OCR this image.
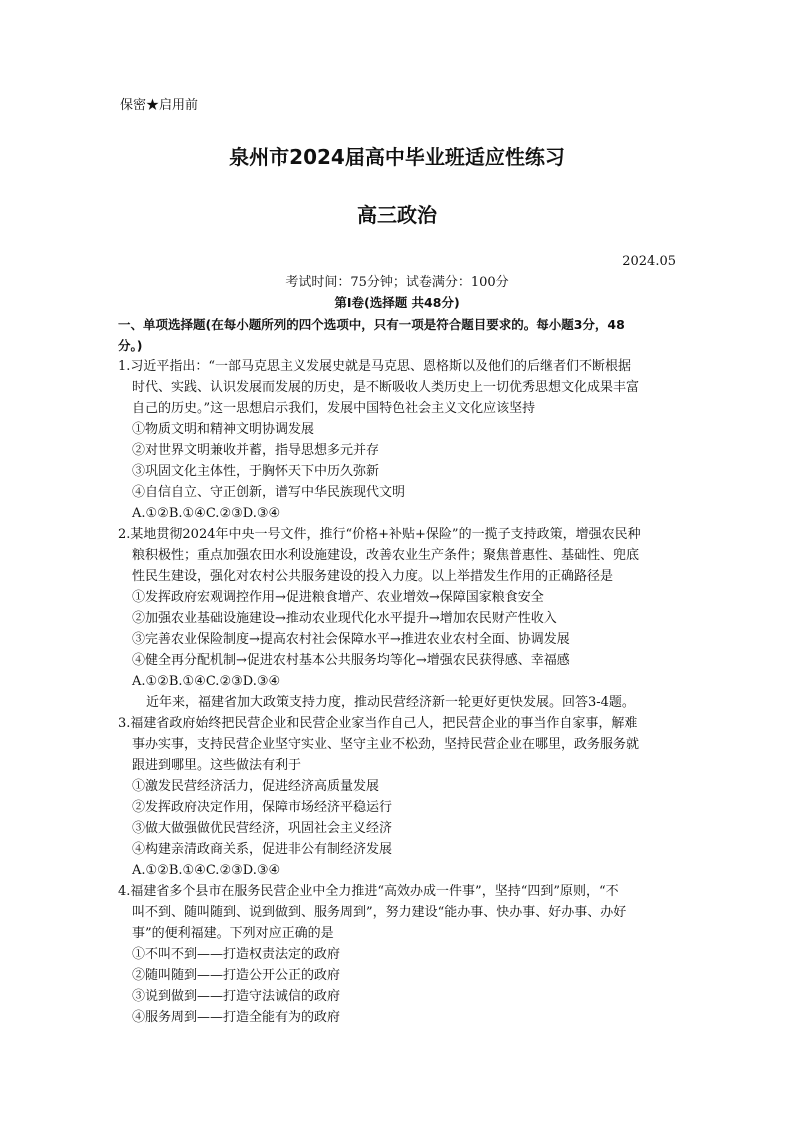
保密★启用前
泉州市2024届高中毕业班适应性练习
高三政治
2024.05
考试时间：75分钟；试卷满分：100分
第I卷(选择题 共48分)
一、单项选择题(在每小题所列的四个选项中，只有一项是符合题目要求的。每小题3分，48
分。)
1.习近平指出：“一部马克思主义发展史就是马克思、恩格斯以及他们的后继者们不断根据
时代、实践、认识发展而发展的历史，是不断吸收人类历史上一切优秀思想文化成果丰富
自己的历史。”这一思想启示我们，发展中国特色社会主义文化应该坚持
①物质文明和精神文明协调发展
②对世界文明兼收并蓄，指导思想多元并存
③巩固文化主体性，于胸怀天下中历久弥新
④自信自立、守正创新，谱写中华民族现代文明
A.①②B.①④C.②③D.③④
2.某地贯彻2024年中央一号文件，推行“价格+补贴+保险”的一揽子支持政策，增强农民种
粮积极性；重点加强农田水利设施建设，改善农业生产条件；聚焦普惠性、基础性、兜底
性民生建设，强化对农村公共服务建设的投入力度。以上举措发生作用的正确路径是
①发挥政府宏观调控作用→促进粮食增产、农业增效→保障国家粮食安全
②加强农业基础设施建设→推动农业现代化水平提升→增加农民财产性收入
③完善农业保险制度→提高农村社会保障水平→推进农业农村全面、协调发展
④健全再分配机制→促进农村基本公共服务均等化→增强农民获得感、幸福感
A.①②B.①④C.②③D.③④
近年来，福建省加大政策支持力度，推动民营经济新一轮更好更快发展。回答3-4题。
3.福建省政府始终把民营企业和民营企业家当作自己人，把民营企业的事当作自家事，解难
事办实事，支持民营企业坚守实业、坚守主业不松劲，坚持民营企业在哪里，政务服务就
跟进到哪里。这些做法有利于
①激发民营经济活力，促进经济高质量发展
②发挥政府决定作用，保障市场经济平稳运行
③做大做强做优民营经济，巩固社会主义经济
④构建亲清政商关系，促进非公有制经济发展
A.①②B.①④C.②③D.③④
4.福建省多个县市在服务民营企业中全力推进“高效办成一件事”，坚持“四到”原则，“不
叫不到、随叫随到、说到做到、服务周到”，努力建设“能办事、快办事、好办事、办好
事”的便利福建。下列对应正确的是
①不叫不到——打造权责法定的政府
②随叫随到——打造公开公正的政府
③说到做到——打造守法诚信的政府
④服务周到——打造全能有为的政府
